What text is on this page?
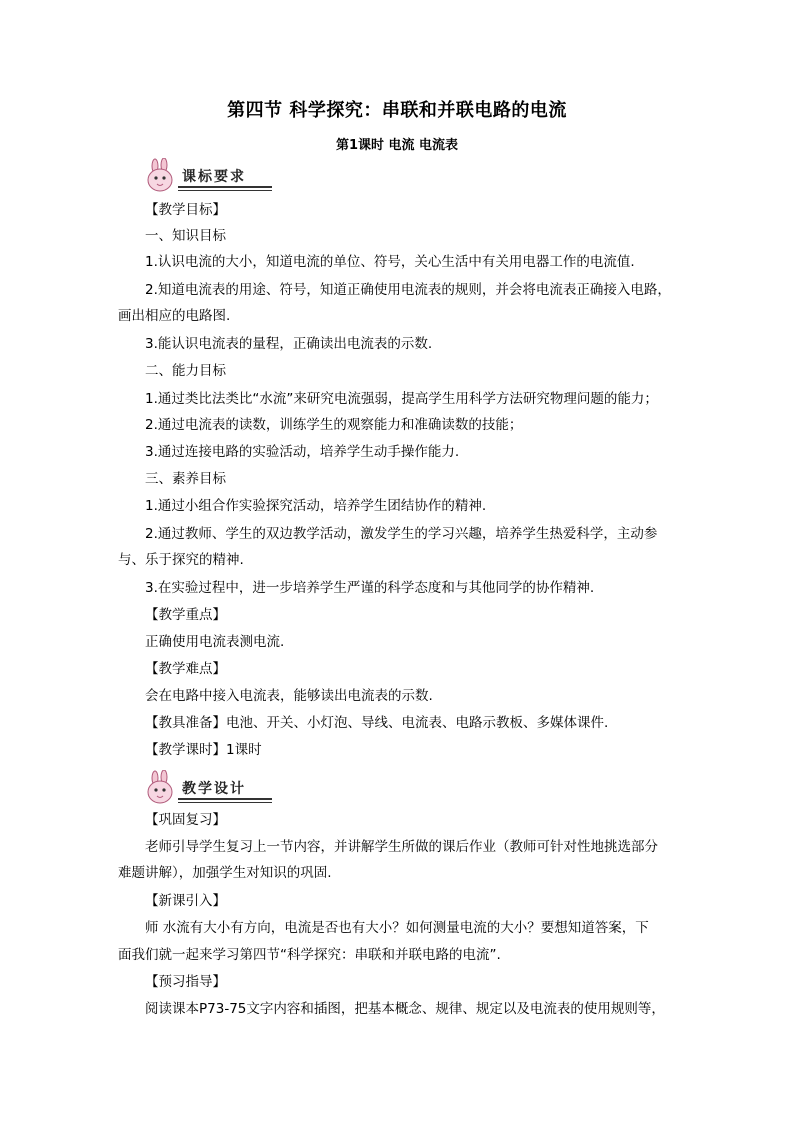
第四节 科学探究：串联和并联电路的电流
第1课时 电流 电流表
课标要求
教学设计
【教学目标】
一、知识目标
1.认识电流的大小，知道电流的单位、符号，关心生活中有关用电器工作的电流值.
2.知道电流表的用途、符号，知道正确使用电流表的规则，并会将电流表正确接入电路，
画出相应的电路图.
3.能认识电流表的量程，正确读出电流表的示数.
二、能力目标
1.通过类比法类比“水流”来研究电流强弱，提高学生用科学方法研究物理问题的能力；
2.通过电流表的读数，训练学生的观察能力和准确读数的技能；
3.通过连接电路的实验活动，培养学生动手操作能力.
三、素养目标
1.通过小组合作实验探究活动，培养学生团结协作的精神.
2.通过教师、学生的双边教学活动，激发学生的学习兴趣，培养学生热爱科学，主动参
与、乐于探究的精神.
3.在实验过程中，进一步培养学生严谨的科学态度和与其他同学的协作精神.
【教学重点】
正确使用电流表测电流.
【教学难点】
会在电路中接入电流表，能够读出电流表的示数.
【教具准备】电池、开关、小灯泡、导线、电流表、电路示教板、多媒体课件.
【教学课时】1课时
【巩固复习】
老师引导学生复习上一节内容，并讲解学生所做的课后作业（教师可针对性地挑选部分
难题讲解），加强学生对知识的巩固.
【新课引入】
师 水流有大小有方向，电流是否也有大小？如何测量电流的大小？要想知道答案，下
面我们就一起来学习第四节“科学探究：串联和并联电路的电流”.
【预习指导】
阅读课本P73-75文字内容和插图，把基本概念、规律、规定以及电流表的使用规则等，
